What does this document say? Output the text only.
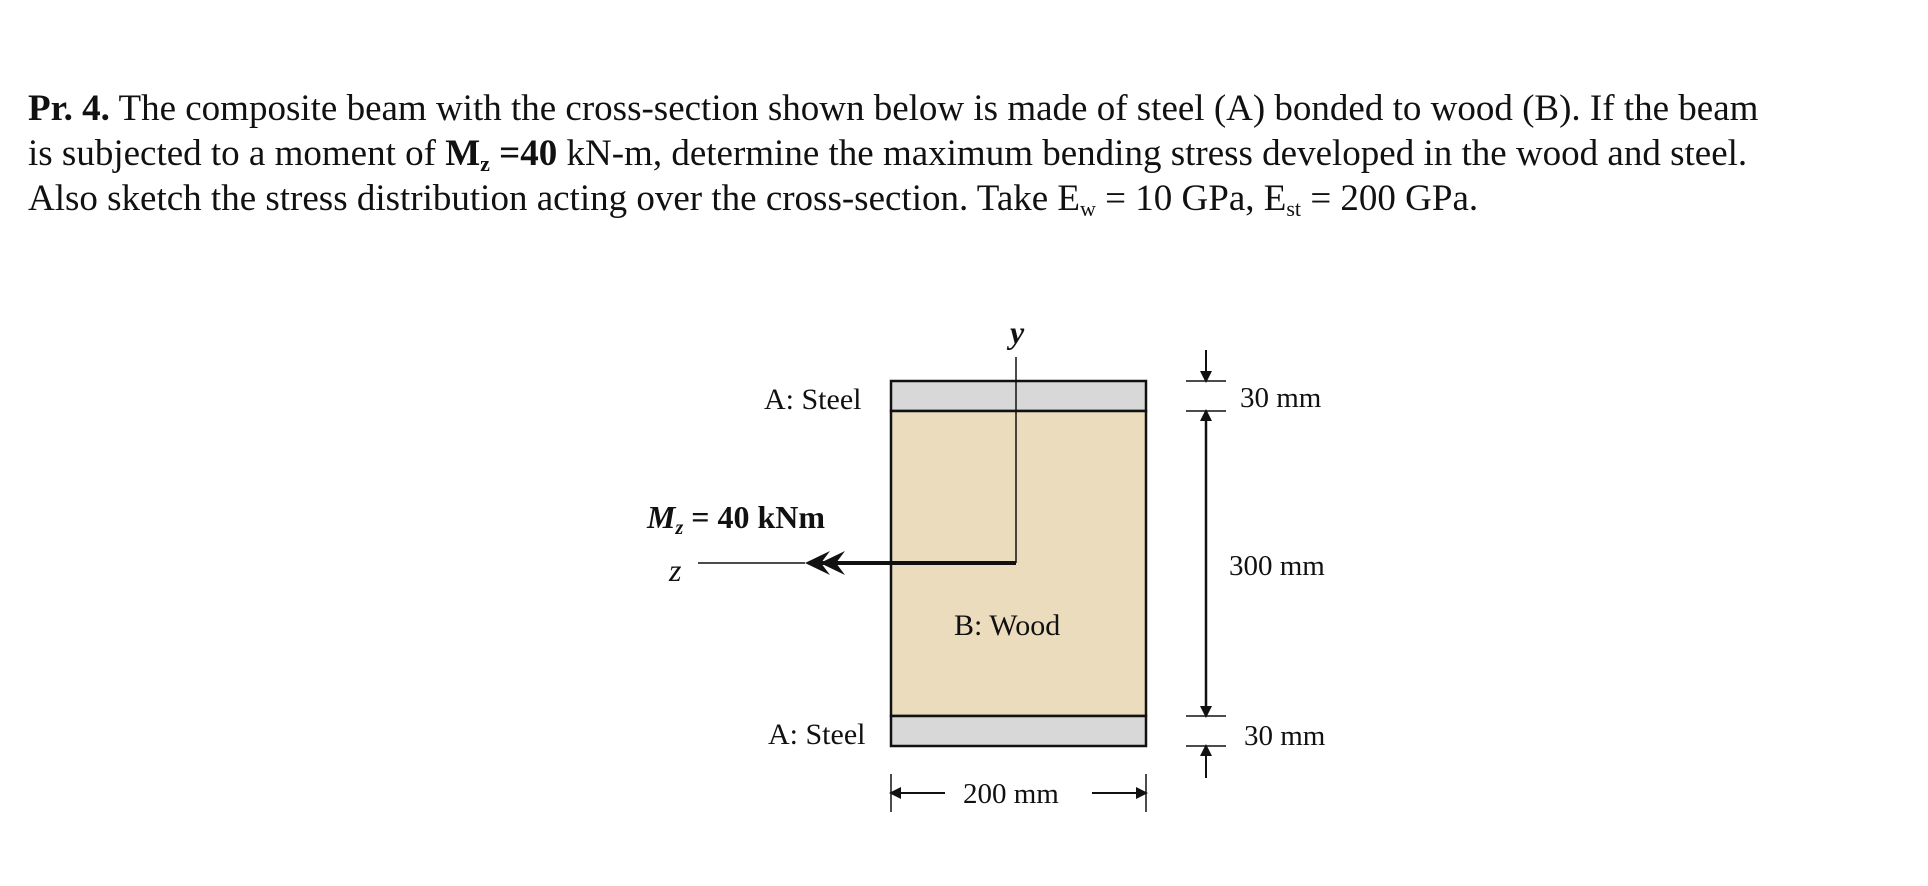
Pr. 4. The composite beam with the cross-section shown below is made of steel (A) bonded to wood (B). If the beam
is subjected to a moment of $M_z =40$ kN-m, determine the maximum bending stress developed in the wood and steel.
Also sketch the stress distribution acting over the cross-section. Take $E_w = 10$ GPa, $E_{st} = 200$ GPa.
y
z
Mz = 40 kNm
A: Steel
B: Wood
A: Steel
30 mm
300 mm
30 mm
200 mm
